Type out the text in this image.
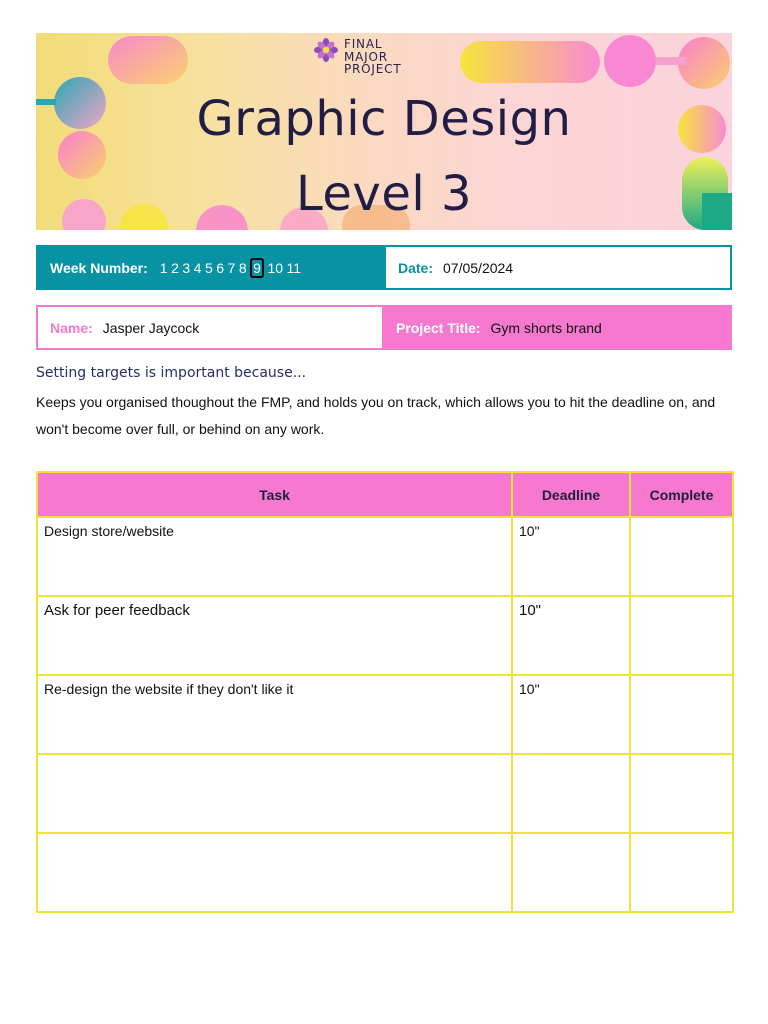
FINAL
MAJOR
PROJECT
Graphic Design
Level 3
Week Number: 1 2 3 4 5 6 7 8 9 10 11	Date: 07/05/2024
Name: Jasper Jaycock	Project Title: Gym shorts brand
Setting targets is important because...
Keeps you organised thoughout the FMP, and holds you on track, which allows you to hit the deadline on, and won't become over full, or behind on any work.
Task	Deadline	Complete
Design store/website	10"	
Ask for peer feedback	10"	
Re-design the website if they don't like it	10"	
